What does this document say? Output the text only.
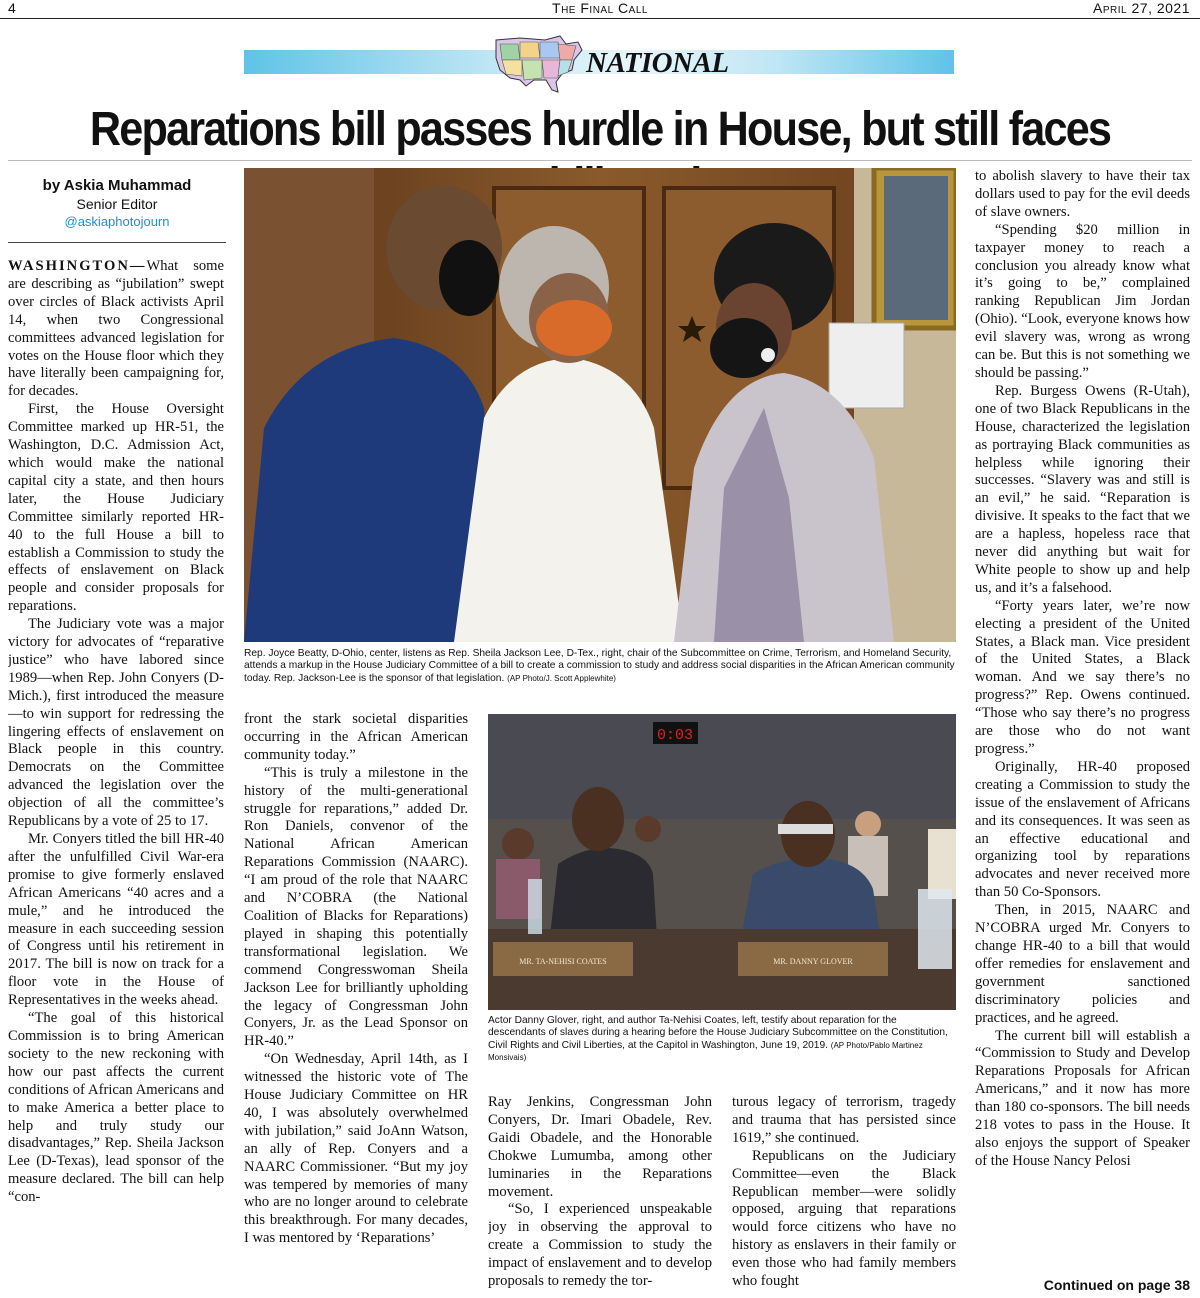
4	The Final Call	April 27, 2021
NATIONAL
Reparations bill passes hurdle in House, but still faces
by Askia Muhammad
Senior Editor
@askiaphotojourn

WASHINGTON—What some are describing as “jubilation” swept over circles of Black activists April 14, when two Congressional committees advanced legislation for votes on the House floor which they have literally been campaigning for, for decades.

First, the House Oversight Committee marked up HR-51, the Washington, D.C. Admission Act, which would make the national capital city a state, and then hours later, the House Judiciary Committee similarly reported HR-40 to the full House a bill to establish a Commission to study the effects of enslavement on Black people and consider proposals for reparations.

The Judiciary vote was a major victory for advocates of “reparative justice” who have labored since 1989—when Rep. John Conyers (D-Mich.), first introduced the measure—to win support for redressing the lingering effects of enslavement on Black people in this country. Democrats on the Committee advanced the legislation over the objection of all the committee’s Republicans by a vote of 25 to 17.

Mr. Conyers titled the bill HR-40 after the unfulfilled Civil War-era promise to give formerly enslaved African Americans “40 acres and a mule,” and he introduced the measure in each succeeding session of Congress until his retirement in 2017. The bill is now on track for a floor vote in the House of Representatives in the weeks ahead.

“The goal of this historical Commission is to bring American society to the new reckoning with how our past affects the current conditions of African Americans and to make America a better place to help and truly study our disadvantages,” Rep. Sheila Jackson Lee (D-Texas), lead sponsor of the measure declared. The bill can help “con-

Rep. Joyce Beatty, D-Ohio, center, listens as Rep. Sheila Jackson Lee, D-Tex., right, chair of the Subcommittee on Crime, Terrorism, and Homeland Security, attends a markup in the House Judiciary Committee of a bill to create a commission to study and address social disparities in the African American community today. Rep. Jackson-Lee is the sponsor of that legislation. (AP Photo/J. Scott Applewhite)

front the stark societal disparities occurring in the African American community today.”

“This is truly a milestone in the history of the multi-generational struggle for reparations,” added Dr. Ron Daniels, convenor of the National African American Reparations Commission (NAARC). “I am proud of the role that NAARC and N’COBRA (the National Coalition of Blacks for Reparations) played in shaping this potentially transformational legislation. We commend Congresswoman Sheila Jackson Lee for brilliantly upholding the legacy of Congressman John Conyers, Jr. as the Lead Sponsor on HR-40.”

“On Wednesday, April 14th, as I witnessed the historic vote of The House Judiciary Committee on HR 40, I was absolutely overwhelmed with jubilation,” said JoAnn Watson, an ally of Rep. Conyers and a NAARC Commissioner. “But my joy was tempered by memories of many who are no longer around to celebrate this breakthrough. For many decades, I was mentored by ‘Reparations’

0:03
MR. TA-NEHISI COATES	MR. DANNY GLOVER
Actor Danny Glover, right, and author Ta-Nehisi Coates, left, testify about reparation for the descendants of slaves during a hearing before the House Judiciary Subcommittee on the Constitution, Civil Rights and Civil Liberties, at the Capitol in Washington, June 19, 2019. (AP Photo/Pablo Martinez Monsivais)

Ray Jenkins, Congressman John Conyers, Dr. Imari Obadele, Rev. Gaidi Obadele, and the Honorable Chokwe Lumumba, among other luminaries in the Reparations movement.

“So, I experienced unspeakable joy in observing the approval to create a Commission to study the impact of enslavement and to develop proposals to remedy the tor-

turous legacy of terrorism, tragedy and trauma that has persisted since 1619,” she continued.

Republicans on the Judiciary Committee—even the Black Republican member—were solidly opposed, arguing that reparations would force citizens who have no history as enslavers in their family or even those who had family members who fought

to abolish slavery to have their tax dollars used to pay for the evil deeds of slave owners.

“Spending $20 million in taxpayer money to reach a conclusion you already know what it’s going to be,” complained ranking Republican Jim Jordan (Ohio). “Look, everyone knows how evil slavery was, wrong as wrong can be. But this is not something we should be passing.”

Rep. Burgess Owens (R-Utah), one of two Black Republicans in the House, characterized the legislation as portraying Black communities as helpless while ignoring their successes. “Slavery was and still is an evil,” he said. “Reparation is divisive. It speaks to the fact that we are a hapless, hopeless race that never did anything but wait for White people to show up and help us, and it’s a falsehood.

“Forty years later, we’re now electing a president of the United States, a Black man. Vice president of the United States, a Black woman. And we say there’s no progress?” Rep. Owens continued. “Those who say there’s no progress are those who do not want progress.”

Originally, HR-40 proposed creating a Commission to study the issue of the enslavement of Africans and its consequences. It was seen as an effective educational and organizing tool by reparations advocates and never received more than 50 Co-Sponsors.

Then, in 2015, NAARC and N’COBRA urged Mr. Conyers to change HR-40 to a bill that would offer remedies for enslavement and government sanctioned discriminatory policies and practices, and he agreed.

The current bill will establish a “Commission to Study and Develop Reparations Proposals for African Americans,” and it now has more than 180 co-sponsors. The bill needs 218 votes to pass in the House. It also enjoys the support of Speaker of the House Nancy Pelosi

Continued on page 38
